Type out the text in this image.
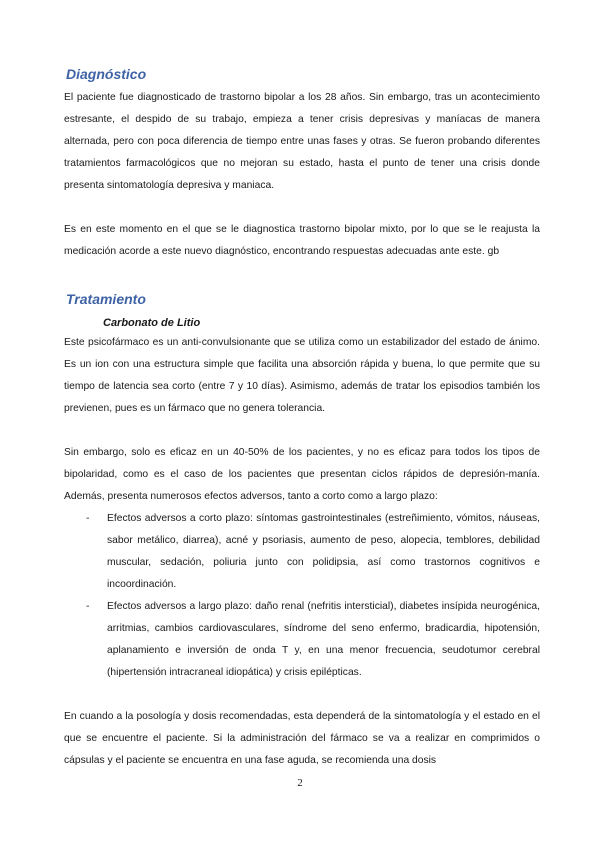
Diagnóstico

El paciente fue diagnosticado de trastorno bipolar a los 28 años. Sin embargo, tras un acontecimiento estresante, el despido de su trabajo, empieza a tener crisis depresivas y maníacas de manera alternada, pero con poca diferencia de tiempo entre unas fases y otras. Se fueron probando diferentes tratamientos farmacológicos que no mejoran su estado, hasta el punto de tener una crisis donde presenta sintomatología depresiva y maniaca.

Es en este momento en el que se le diagnostica trastorno bipolar mixto, por lo que se le reajusta la medicación acorde a este nuevo diagnóstico, encontrando respuestas adecuadas ante este. gb

Tratamiento
Carbonato de Litio

Este psicofármaco es un anti-convulsionante que se utiliza como un estabilizador del estado de ánimo. Es un ion con una estructura simple que facilita una absorción rápida y buena, lo que permite que su tiempo de latencia sea corto (entre 7 y 10 días). Asimismo, además de tratar los episodios también los previenen, pues es un fármaco que no genera tolerancia.

Sin embargo, solo es eficaz en un 40-50% de los pacientes, y no es eficaz para todos los tipos de bipolaridad, como es el caso de los pacientes que presentan ciclos rápidos de depresión-manía. Además, presenta numerosos efectos adversos, tanto a corto como a largo plazo:

- Efectos adversos a corto plazo: síntomas gastrointestinales (estreñimiento, vómitos, náuseas, sabor metálico, diarrea), acné y psoriasis, aumento de peso, alopecia, temblores, debilidad muscular, sedación, poliuria junto con polidipsia, así como trastornos cognitivos e incoordinación.
- Efectos adversos a largo plazo: daño renal (nefritis intersticial), diabetes insípida neurogénica, arritmias, cambios cardiovasculares, síndrome del seno enfermo, bradicardia, hipotensión, aplanamiento e inversión de onda T y, en una menor frecuencia, seudotumor cerebral (hipertensión intracraneal idiopática) y crisis epilépticas.

En cuando a la posología y dosis recomendadas, esta dependerá de la sintomatología y el estado en el que se encuentre el paciente. Si la administración del fármaco se va a realizar en comprimidos o cápsulas y el paciente se encuentra en una fase aguda, se recomienda una dosis

2
